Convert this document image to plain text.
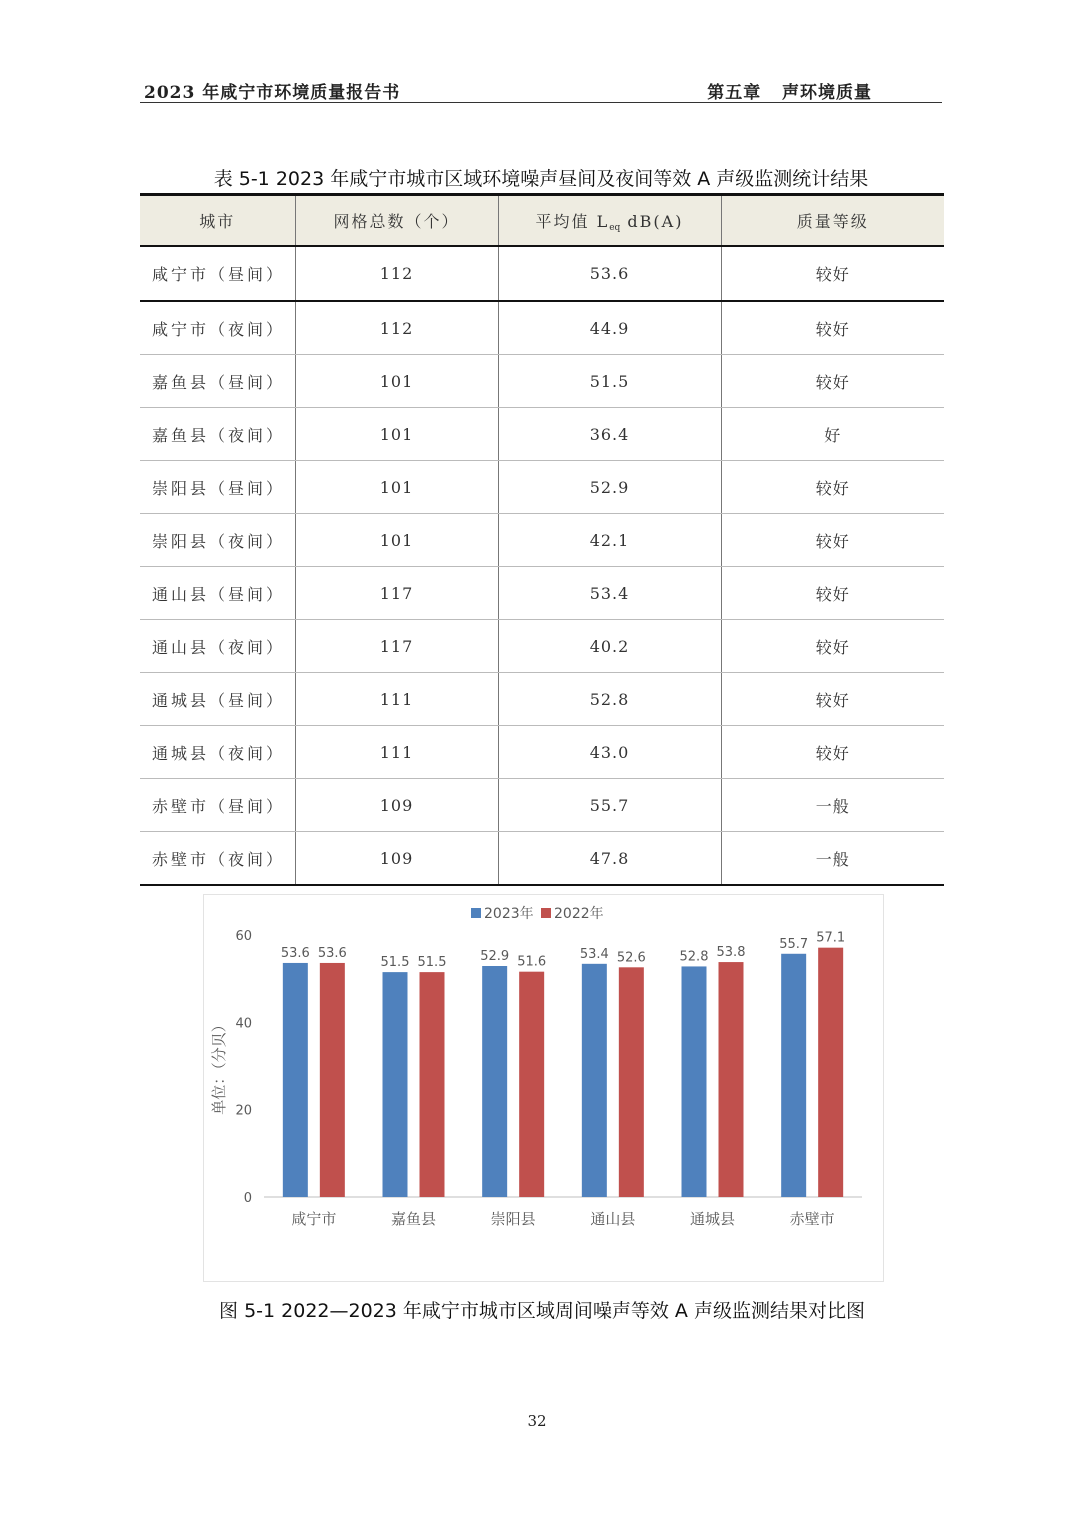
2023 年咸宁市环境质量报告书	第五章   声环境质量
表 5-1 2023 年咸宁市城市区域环境噪声昼间及夜间等效 A 声级监测统计结果
城市	网格总数（个）	平均值 $L_{eq}$ dB(A)	质量等级
咸宁市（昼间）	112	53.6	较好
咸宁市（夜间）	112	44.9	较好
嘉鱼县（昼间）	101	51.5	较好
嘉鱼县（夜间）	101	36.4	好
崇阳县（昼间）	101	52.9	较好
崇阳县（夜间）	101	42.1	较好
通山县（昼间）	117	53.4	较好
通山县（夜间）	117	40.2	较好
通城县（昼间）	111	52.8	较好
通城县（夜间）	111	43.0	较好
赤壁市（昼间）	109	55.7	一般
赤壁市（夜间）	109	47.8	一般
0
20
40
60
单位：（分贝）
2023年 2022年
53.6 53.6
咸宁市
51.5 51.5
嘉鱼县
52.9 51.6
崇阳县
53.4 52.6
通山县
52.8 53.8
通城县
55.7 57.1
赤壁市
图 5-1 2022—2023 年咸宁市城市区域周间噪声等效 A 声级监测结果对比图
32
